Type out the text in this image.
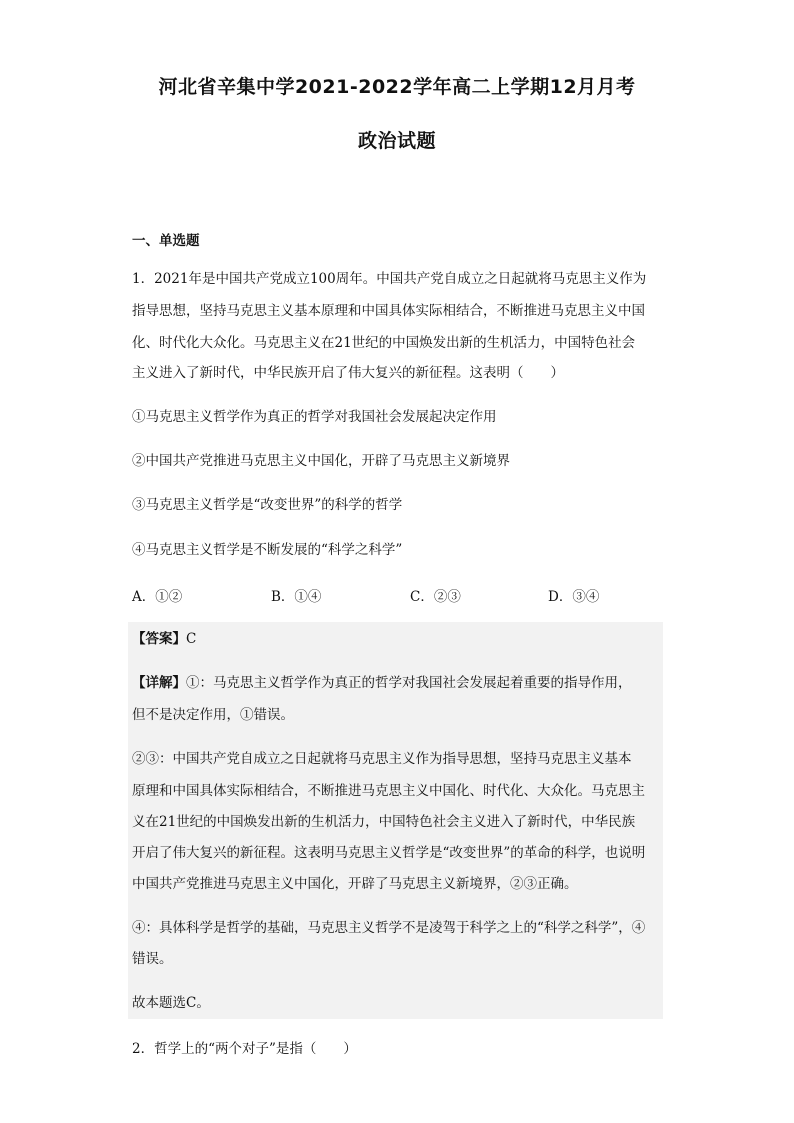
河北省辛集中学2021-2022学年高二上学期12月月考
政治试题
一、单选题
1．2021年是中国共产党成立100周年。中国共产党自成立之日起就将马克思主义作为
指导思想，坚持马克思主义基本原理和中国具体实际相结合，不断推进马克思主义中国
化、时代化大众化。马克思主义在21世纪的中国焕发出新的生机活力，中国特色社会
主义进入了新时代，中华民族开启了伟大复兴的新征程。这表明（　　）
①马克思主义哲学作为真正的哲学对我国社会发展起决定作用
②中国共产党推进马克思主义中国化，开辟了马克思主义新境界
③马克思主义哲学是“改变世界”的科学的哲学
④马克思主义哲学是不断发展的“科学之科学”
A．①②	B．①④	C．②③	D．③④
【答案】C
【详解】①：马克思主义哲学作为真正的哲学对我国社会发展起着重要的指导作用，
但不是决定作用，①错误。
②③：中国共产党自成立之日起就将马克思主义作为指导思想，坚持马克思主义基本
原理和中国具体实际相结合，不断推进马克思主义中国化、时代化、大众化。马克思主
义在21世纪的中国焕发出新的生机活力，中国特色社会主义进入了新时代，中华民族
开启了伟大复兴的新征程。这表明马克思主义哲学是“改变世界”的革命的科学，也说明
中国共产党推进马克思主义中国化，开辟了马克思主义新境界，②③正确。
④：具体科学是哲学的基础，马克思主义哲学不是凌驾于科学之上的“科学之科学”，④
错误。
故本题选C。
2．哲学上的“两个对子”是指（　　）
